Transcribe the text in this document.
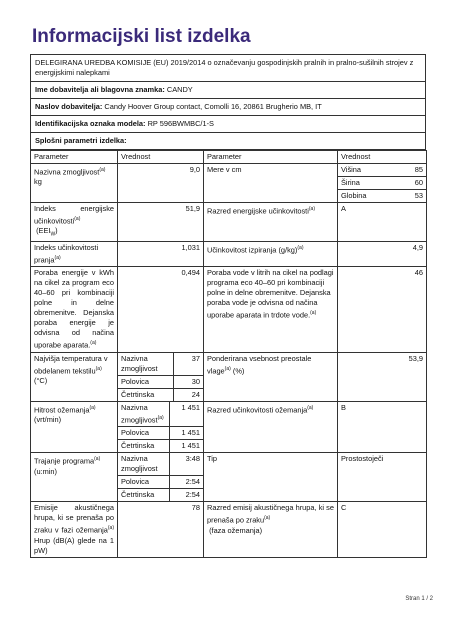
Informacijski list izdelka
DELEGIRANA UREDBA KOMISIJE (EU) 2019/2014 o označevanju gospodinjskih pralnih in pralno-sušilnih strojev z energijskimi nalepkami
Ime dobavitelja ali blagovna znamka: CANDY
Naslov dobavitelja: Candy Hoover Group contact, Comolli 16, 20861 Brugherio MB, IT
Identifikacijska oznaka modela: RP 596BWMBC/1-S
Splošni parametri izdelka:
Parameter	Vrednost	Parameter	Vrednost
Nazivna zmogljivost$^{(a)}$ kg	9,0	Mere v cm		Višina	85
Širina	60
Globina	53

Indeks energijske učinkovitosti$^{(a)}$
$(EEI_W)$	51,9	Razred energijske učinkovitosti$^{(a)}$	A
Indeks učinkovitosti pranja$^{(a)}$	1,031	Učinkovitost izpiranja $(g/kg)^{(a)}$	4,9
Poraba energije v kWh na cikel za program eco 40–60 pri kombinaciji polne in delne obremenitve. Dejanska poraba energije je odvisna od načina uporabe aparata.$^{(a)}$	0,494	Poraba vode v litrih na cikel na podlagi programa eco 40–60 pri kombinaciji polne in delne obremenitve. Dejanska poraba vode je odvisna od načina uporabe aparata in trdote vode.$^{(a)}$	46
Najvišja temperatura v obdelanem tekstilu$^{(a)}$ (°C)	
Nazivna zmogljivost	37
Polovica	30
Četrtinska	24
	Ponderirana vsebnost preostale vlage$^{(a)}$ (%)	53,9
Hitrost ožemanja$^{(a)}$
(vrt/min)	
Nazivna zmogljivost$^{(a)}$	1 451
Polovica	1 451
Četrtinska	1 451
	Razred učinkovitosti ožemanja$^{(a)}$	B
Trajanje programa$^{(a)}$
(u:min)	
Nazivna zmogljivost	3:48
Polovica	2:54
Četrtinska	2:54
	Tip	Prostostoječi
Emisije akustičnega hrupa, ki se prenaša po zraku v fazi ožemanja$^{(a)}$ Hrup (dB(A) glede na 1 pW)	78	Razred emisij akustičnega hrupa, ki se prenaša po zraku$^{(a)}$
(faza ožemanja)	C
Stran 1 / 2
